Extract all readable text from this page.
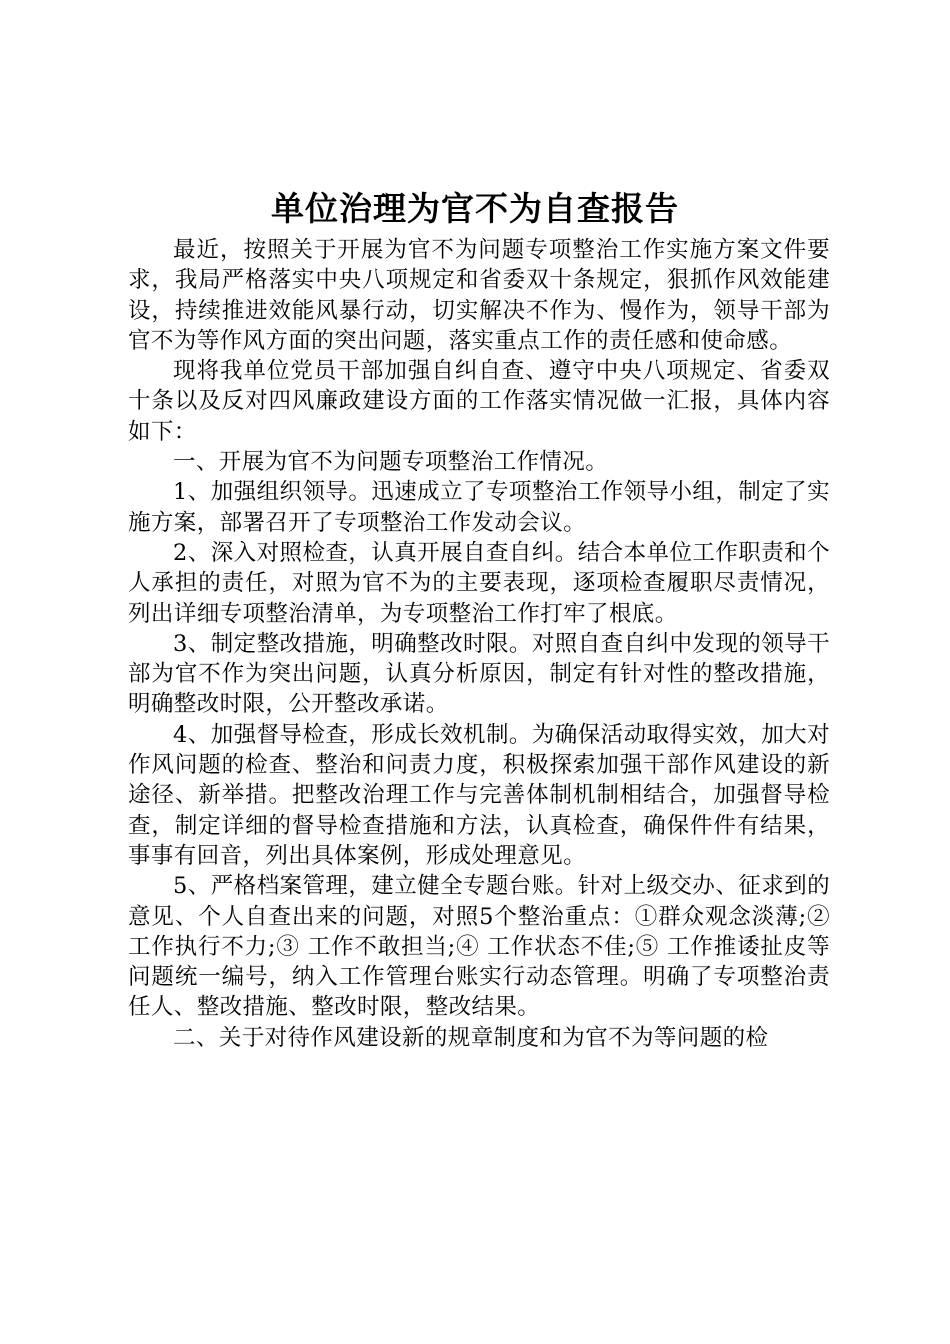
单位治理为官不为自查报告

最近，按照关于开展为官不为问题专项整治工作实施方案文件要求，我局严格落实中央八项规定和省委双十条规定，狠抓作风效能建设，持续推进效能风暴行动，切实解决不作为、慢作为，领导干部为官不为等作风方面的突出问题，落实重点工作的责任感和使命感。

现将我单位党员干部加强自纠自查、遵守中央八项规定、省委双十条以及反对四风廉政建设方面的工作落实情况做一汇报，具体内容如下：

一、开展为官不为问题专项整治工作情况。

1、加强组织领导。迅速成立了专项整治工作领导小组，制定了实施方案，部署召开了专项整治工作发动会议。

2、深入对照检查，认真开展自查自纠。结合本单位工作职责和个人承担的责任，对照为官不为的主要表现，逐项检查履职尽责情况，列出详细专项整治清单，为专项整治工作打牢了根底。

3、制定整改措施，明确整改时限。对照自查自纠中发现的领导干部为官不作为突出问题，认真分析原因，制定有针对性的整改措施，明确整改时限，公开整改承诺。

4、加强督导检查，形成长效机制。为确保活动取得实效，加大对作风问题的检查、整治和问责力度，积极探索加强干部作风建设的新途径、新举措。把整改治理工作与完善体制机制相结合，加强督导检查，制定详细的督导检查措施和方法，认真检查，确保件件有结果，事事有回音，列出具体案例，形成处理意见。

5、严格档案管理，建立健全专题台账。针对上级交办、征求到的意见、个人自查出来的问题，对照5个整治重点：①群众观念淡薄;② 工作执行不力;③ 工作不敢担当;④ 工作状态不佳;⑤ 工作推诿扯皮等问题统一编号，纳入工作管理台账实行动态管理。明确了专项整治责任人、整改措施、整改时限，整改结果。

二、关于对待作风建设新的规章制度和为官不为等问题的检
